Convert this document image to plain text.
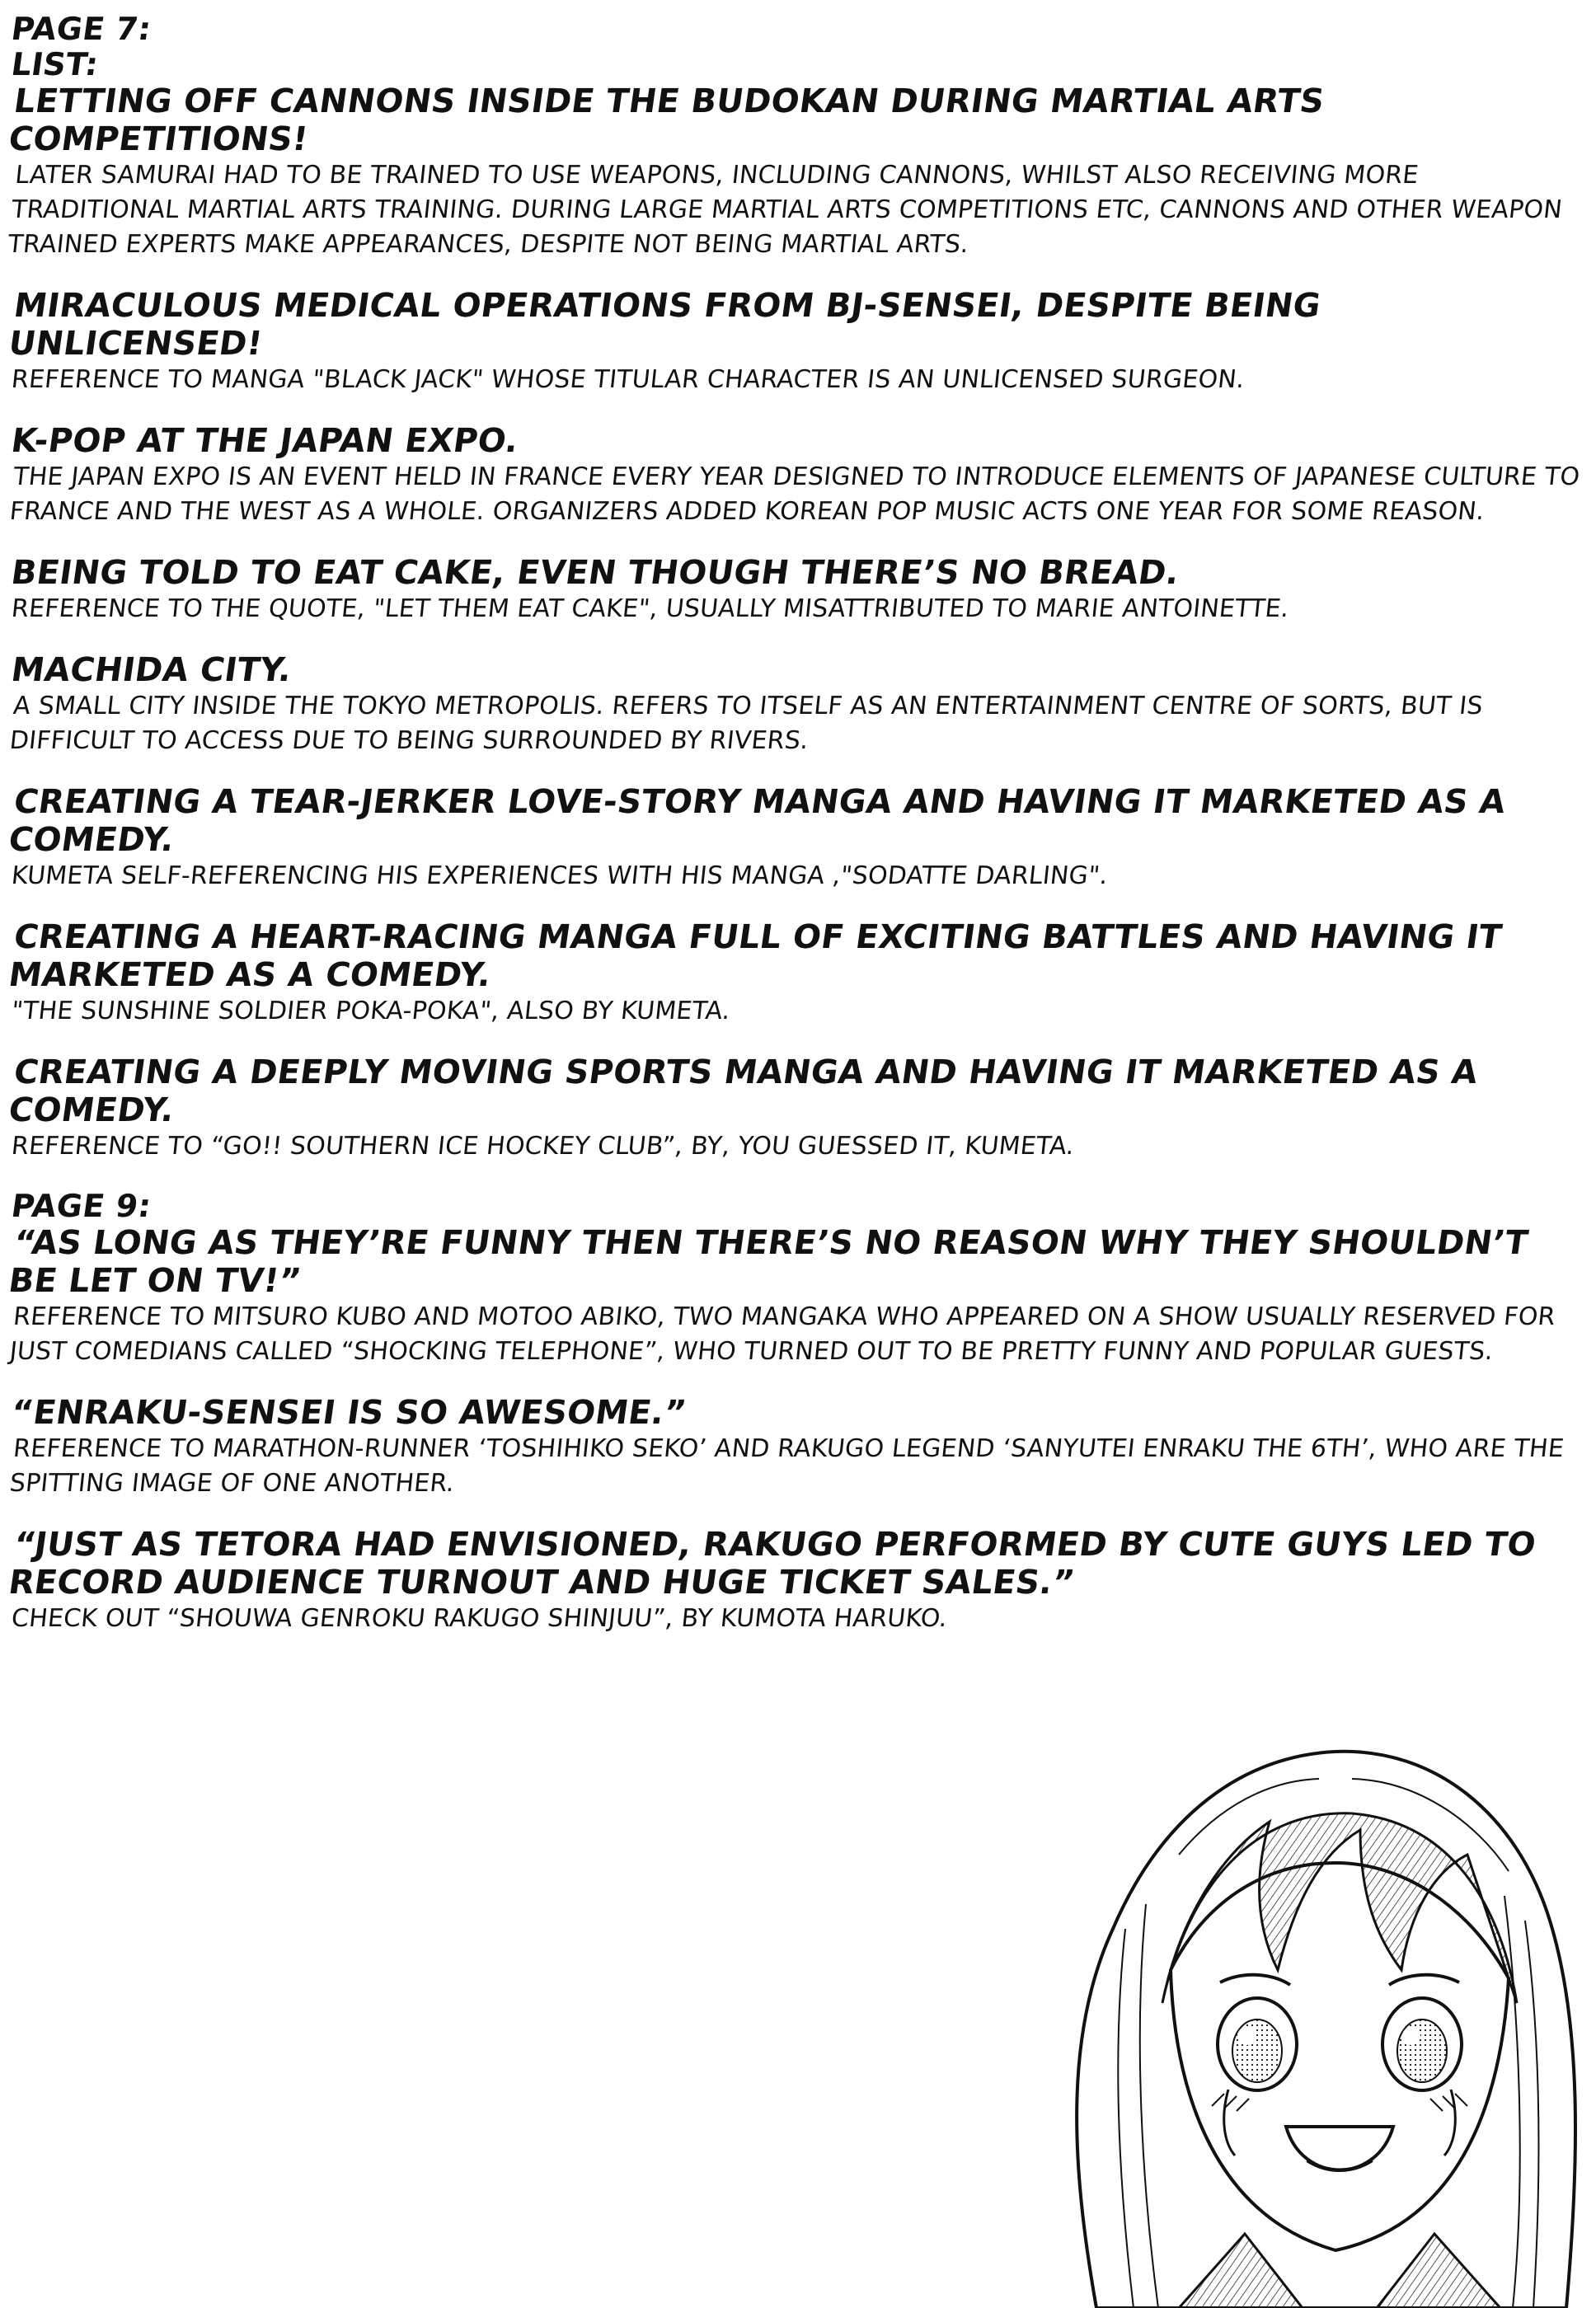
PAGE 7:
LIST:
LETTING OFF CANNONS INSIDE THE BUDOKAN DURING MARTIAL ARTS COMPETITIONS!
LATER SAMURAI HAD TO BE TRAINED TO USE WEAPONS, INCLUDING CANNONS, WHILST ALSO RECEIVING MORE TRADITIONAL MARTIAL ARTS TRAINING. DURING LARGE MARTIAL ARTS COMPETITIONS ETC, CANNONS AND OTHER WEAPON TRAINED EXPERTS MAKE APPEARANCES, DESPITE NOT BEING MARTIAL ARTS.
MIRACULOUS MEDICAL OPERATIONS FROM BJ-SENSEI, DESPITE BEING UNLICENSED!
REFERENCE TO MANGA "BLACK JACK" WHOSE TITULAR CHARACTER IS AN UNLICENSED SURGEON.
K-POP AT THE JAPAN EXPO.
THE JAPAN EXPO IS AN EVENT HELD IN FRANCE EVERY YEAR DESIGNED TO INTRODUCE ELEMENTS OF JAPANESE CULTURE TO FRANCE AND THE WEST AS A WHOLE. ORGANIZERS ADDED KOREAN POP MUSIC ACTS ONE YEAR FOR SOME REASON.
BEING TOLD TO EAT CAKE, EVEN THOUGH THERE’S NO BREAD.
REFERENCE TO THE QUOTE, "LET THEM EAT CAKE", USUALLY MISATTRIBUTED TO MARIE ANTOINETTE.
MACHIDA CITY.
A SMALL CITY INSIDE THE TOKYO METROPOLIS. REFERS TO ITSELF AS AN ENTERTAINMENT CENTRE OF SORTS, BUT IS DIFFICULT TO ACCESS DUE TO BEING SURROUNDED BY RIVERS.
CREATING A TEAR-JERKER LOVE-STORY MANGA AND HAVING IT MARKETED AS A COMEDY.
KUMETA SELF-REFERENCING HIS EXPERIENCES WITH HIS MANGA ,"SODATTE DARLING".
CREATING A HEART-RACING MANGA FULL OF EXCITING BATTLES AND HAVING IT MARKETED AS A COMEDY.
"THE SUNSHINE SOLDIER POKA-POKA", ALSO BY KUMETA.
CREATING A DEEPLY MOVING SPORTS MANGA AND HAVING IT MARKETED AS A COMEDY.
REFERENCE TO “GO!! SOUTHERN ICE HOCKEY CLUB”, BY, YOU GUESSED IT, KUMETA.
PAGE 9:
“AS LONG AS THEY’RE FUNNY THEN THERE’S NO REASON WHY THEY SHOULDN’T BE LET ON TV!”
REFERENCE TO MITSURO KUBO AND MOTOO ABIKO, TWO MANGAKA WHO APPEARED ON A SHOW USUALLY RESERVED FOR JUST COMEDIANS CALLED “SHOCKING TELEPHONE”, WHO TURNED OUT TO BE PRETTY FUNNY AND POPULAR GUESTS.
“ENRAKU-SENSEI IS SO AWESOME.”
REFERENCE TO MARATHON-RUNNER ‘TOSHIHIKO SEKO’ AND RAKUGO LEGEND ‘SANYUTEI ENRAKU THE 6TH’, WHO ARE THE SPITTING IMAGE OF ONE ANOTHER.
“JUST AS TETORA HAD ENVISIONED, RAKUGO PERFORMED BY CUTE GUYS LED TO RECORD AUDIENCE TURNOUT AND HUGE TICKET SALES.”
CHECK OUT “SHOUWA GENROKU RAKUGO SHINJUU”, BY KUMOTA HARUKO.
